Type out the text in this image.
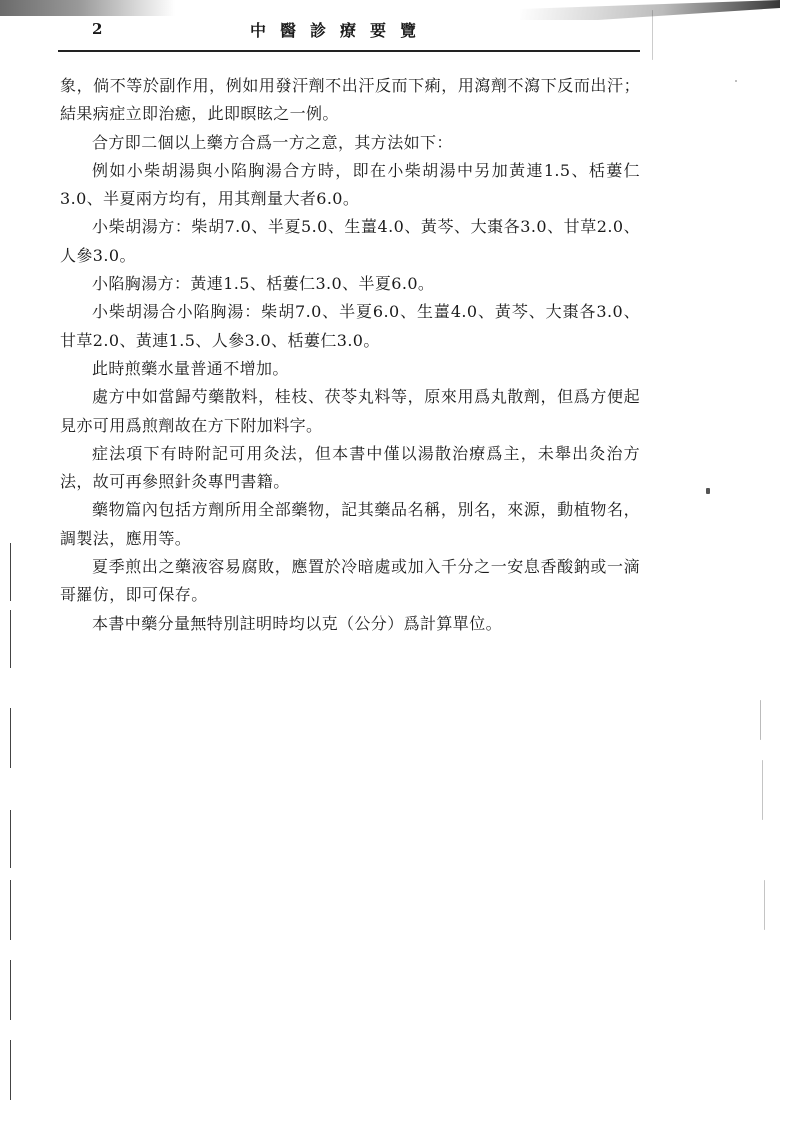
2	中醫診療要覽

象，倘不等於副作用，例如用發汗劑不出汗反而下痢，用瀉劑不瀉下反而出汗；結果病症立即治癒，此即瞑眩之一例。

合方即二個以上藥方合爲一方之意，其方法如下：

例如小柴胡湯與小陷胸湯合方時，即在小柴胡湯中另加黃連1.5、栝蔞仁3.0、半夏兩方均有，用其劑量大者6.0。

小柴胡湯方：柴胡7.0、半夏5.0、生薑4.0、黃芩、大棗各3.0、甘草2.0、人參3.0。

小陷胸湯方：黃連1.5、栝蔞仁3.0、半夏6.0。

小柴胡湯合小陷胸湯：柴胡7.0、半夏6.0、生薑4.0、黃芩、大棗各3.0、甘草2.0、黃連1.5、人參3.0、栝蔞仁3.0。

此時煎藥水量普通不增加。

處方中如當歸芍藥散料，桂枝、茯苓丸料等，原來用爲丸散劑，但爲方便起見亦可用爲煎劑故在方下附加料字。

症法項下有時附記可用灸法，但本書中僅以湯散治療爲主，未舉出灸治方法，故可再參照針灸專門書籍。

藥物篇內包括方劑所用全部藥物，記其藥品名稱，別名，來源，動植物名，調製法，應用等。

夏季煎出之藥液容易腐敗，應置於冷暗處或加入千分之一安息香酸鈉或一滴哥羅仿，即可保存。

本書中藥分量無特別註明時均以克（公分）爲計算單位。
